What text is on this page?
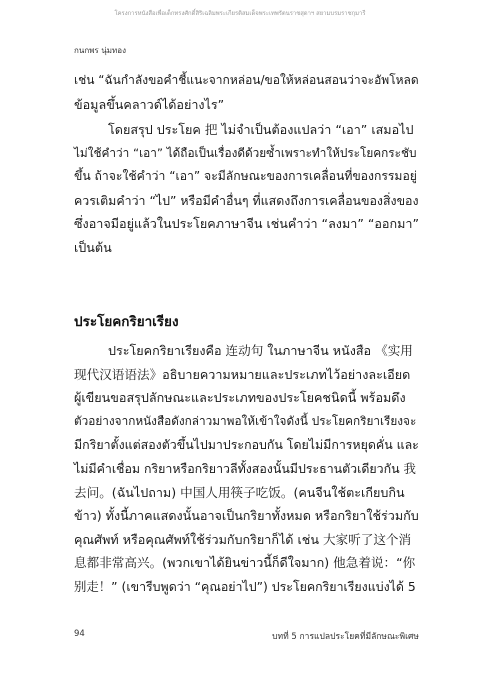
โครงการหนังสือเพื่อเด็กทรงศักดิ์สิริเฉลิมพระเกียรติสมเด็จพระเทพรัตนราชสุดาฯ สยามบรมราชกุมารี
กนกพร นุ่มทอง
เช่น “ฉันกำลังขอคำชี้แนะจากหล่อน/ขอให้หล่อนสอนว่าจะอัพโหลด
ข้อมูลขึ้นคลาวด์ได้อย่างไร”
โดยสรุป ประโยค 把 ไม่จำเป็นต้องแปลว่า “เอา” เสมอไป
ไม่ใช้คำว่า “เอา” ได้ถือเป็นเรื่องดีด้วยซ้ำเพราะทำให้ประโยคกระชับ
ขึ้น ถ้าจะใช้คำว่า “เอา” จะมีลักษณะของการเคลื่อนที่ของกรรมอยู่
ควรเติมคำว่า “ไป” หรือมีคำอื่นๆ ที่แสดงถึงการเคลื่อนของสิ่งของ
ซึ่งอาจมีอยู่แล้วในประโยคภาษาจีน เช่นคำว่า “ลงมา” “ออกมา”
เป็นต้น
ประโยคกริยาเรียง
ประโยคกริยาเรียงคือ 连动句 ในภาษาจีน หนังสือ 《实用
现代汉语语法》อธิบายความหมายและประเภทไว้อย่างละเอียด
ผู้เขียนขอสรุปลักษณะและประเภทของประโยคชนิดนี้ พร้อมดึง
ตัวอย่างจากหนังสือดังกล่าวมาพอให้เข้าใจดังนี้ ประโยคกริยาเรียงจะ
มีกริยาตั้งแต่สองตัวขึ้นไปมาประกอบกัน โดยไม่มีการหยุดคั่น และ
ไม่มีคำเชื่อม กริยาหรือกริยาวลีทั้งสองนั้นมีประธานตัวเดียวกัน 我
去问。(ฉันไปถาม) 中国人用筷子吃饭。(คนจีนใช้ตะเกียบกิน
ข้าว) ทั้งนี้ภาคแสดงนั้นอาจเป็นกริยาทั้งหมด หรือกริยาใช้ร่วมกับ
คุณศัพท์ หรือคุณศัพท์ใช้ร่วมกับกริยาก็ได้ เช่น 大家听了这个消
息都非常高兴。(พวกเขาได้ยินข่าวนี้ก็ดีใจมาก) 他急着说：“你
别走！” (เขารีบพูดว่า “คุณอย่าไป”) ประโยคกริยาเรียงแบ่งได้ 5
94	บทที่ 5 การแปลประโยคที่มีลักษณะพิเศษ
